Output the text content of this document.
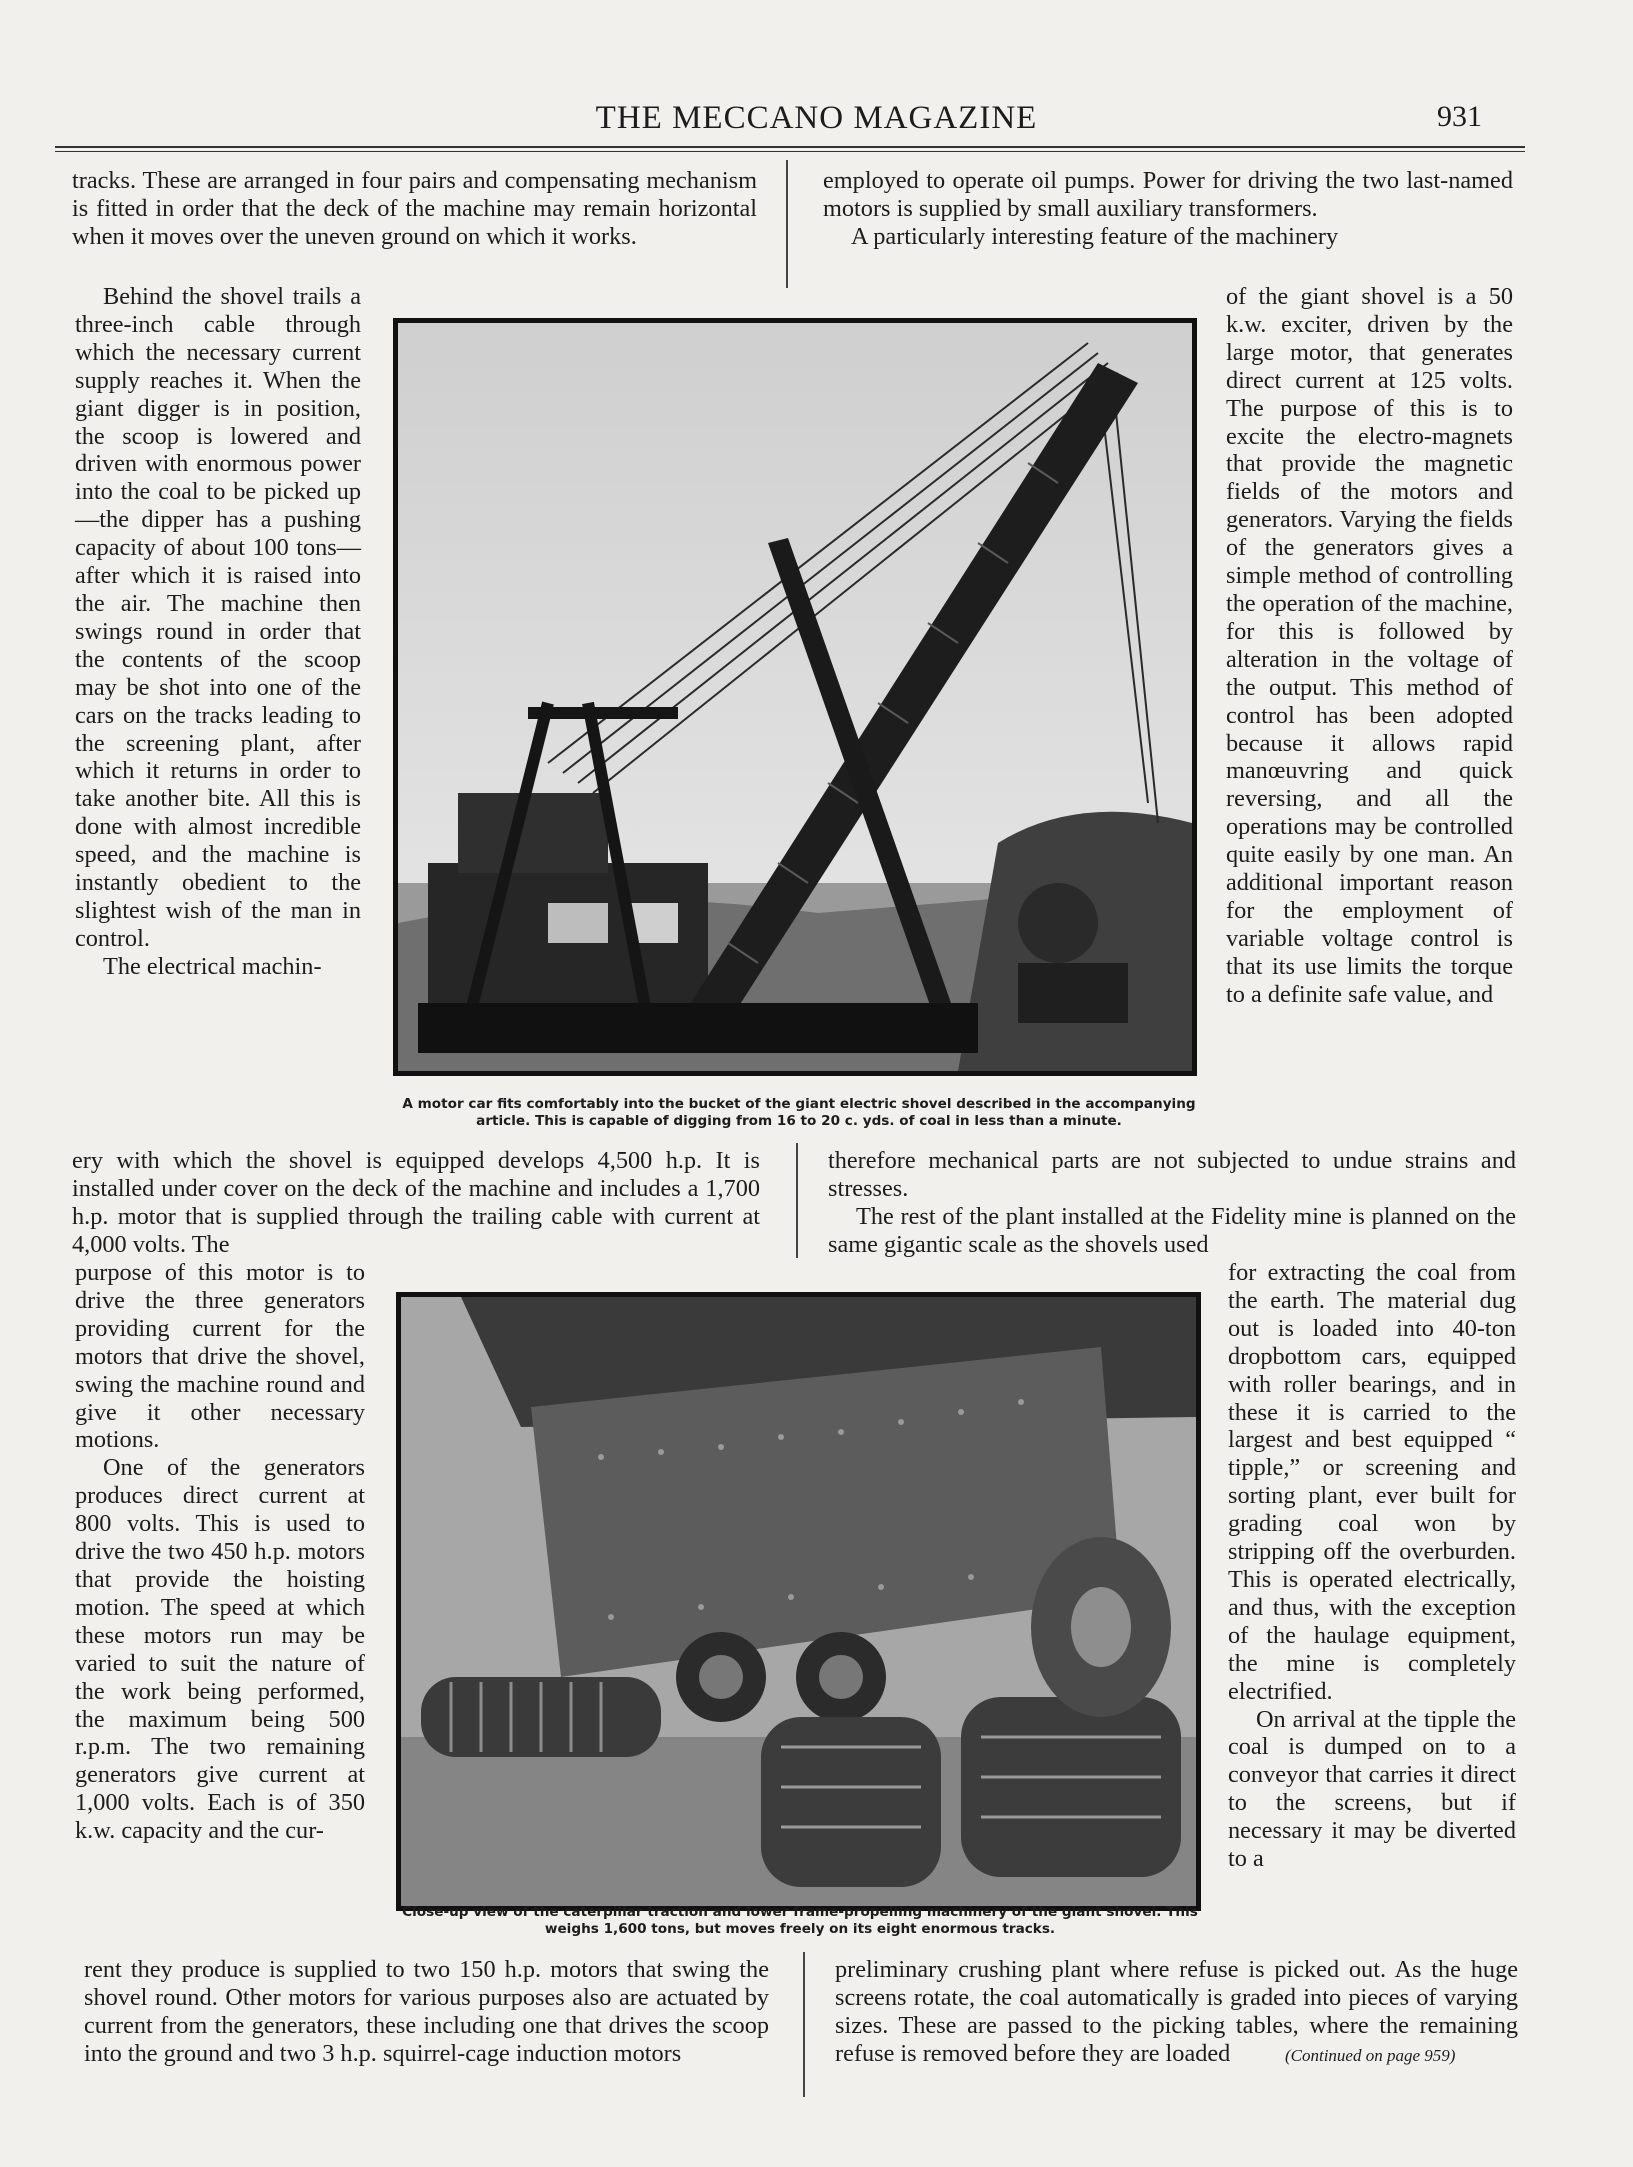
THE MECCANO MAGAZINE	931

tracks. These are arranged in four pairs and compensating mechanism is fitted in order that the deck of the machine may remain horizontal when it moves over the uneven ground on which it works.

employed to operate oil pumps. Power for driving the two last-named motors is supplied by small auxiliary transformers.

A particularly interesting feature of the machinery

Behind the shovel trails a three-inch cable through which the necessary current supply reaches it. When the giant digger is in position, the scoop is lowered and driven with enormous power into the coal to be picked up—the dipper has a pushing capacity of about 100 tons—after which it is raised into the air. The machine then swings round in order that the contents of the scoop may be shot into one of the cars on the tracks leading to the screening plant, after which it returns in order to take another bite. All this is done with almost incredible speed, and the machine is instantly obedient to the slightest wish of the man in control.

The electrical machin-

of the giant shovel is a 50 k.w. exciter, driven by the large motor, that generates direct current at 125 volts. The purpose of this is to excite the electro-magnets that provide the magnetic fields of the motors and generators. Varying the fields of the generators gives a simple method of controlling the operation of the machine, for this is followed by alteration in the voltage of the output. This method of control has been adopted because it allows rapid manœuvring and quick reversing, and all the operations may be controlled quite easily by one man. An additional important reason for the employment of variable voltage control is that its use limits the torque to a definite safe value, and

A motor car fits comfortably into the bucket of the giant electric shovel described in the accompanying article. This is capable of digging from 16 to 20 c. yds. of coal in less than a minute.

ery with which the shovel is equipped develops 4,500 h.p. It is installed under cover on the deck of the machine and includes a 1,700 h.p. motor that is supplied through the trailing cable with current at 4,000 volts. The

therefore mechanical parts are not subjected to undue strains and stresses.

The rest of the plant installed at the Fidelity mine is planned on the same gigantic scale as the shovels used

purpose of this motor is to drive the three generators providing current for the motors that drive the shovel, swing the machine round and give it other necessary motions.

One of the generators produces direct current at 800 volts. This is used to drive the two 450 h.p. motors that provide the hoisting motion. The speed at which these motors run may be varied to suit the nature of the work being performed, the maximum being 500 r.p.m. The two remaining generators give current at 1,000 volts. Each is of 350 k.w. capacity and the cur-

for extracting the coal from the earth. The material dug out is loaded into 40-ton dropbottom cars, equipped with roller bearings, and in these it is carried to the largest and best equipped “ tipple,” or screening and sorting plant, ever built for grading coal won by stripping off the overburden. This is operated electrically, and thus, with the exception of the haulage equipment, the mine is completely electrified.

On arrival at the tipple the coal is dumped on to a conveyor that carries it direct to the screens, but if necessary it may be diverted to a

Close-up view of the caterpillar traction and lower frame-propelling machinery of the giant shovel. This weighs 1,600 tons, but moves freely on its eight enormous tracks.

rent they produce is supplied to two 150 h.p. motors that swing the shovel round. Other motors for various purposes also are actuated by current from the generators, these including one that drives the scoop into the ground and two 3 h.p. squirrel-cage induction motors

preliminary crushing plant where refuse is picked out. As the huge screens rotate, the coal automatically is graded into pieces of varying sizes. These are passed to the picking tables, where the remaining refuse is removed before they are loaded	(Continued on page 959)
